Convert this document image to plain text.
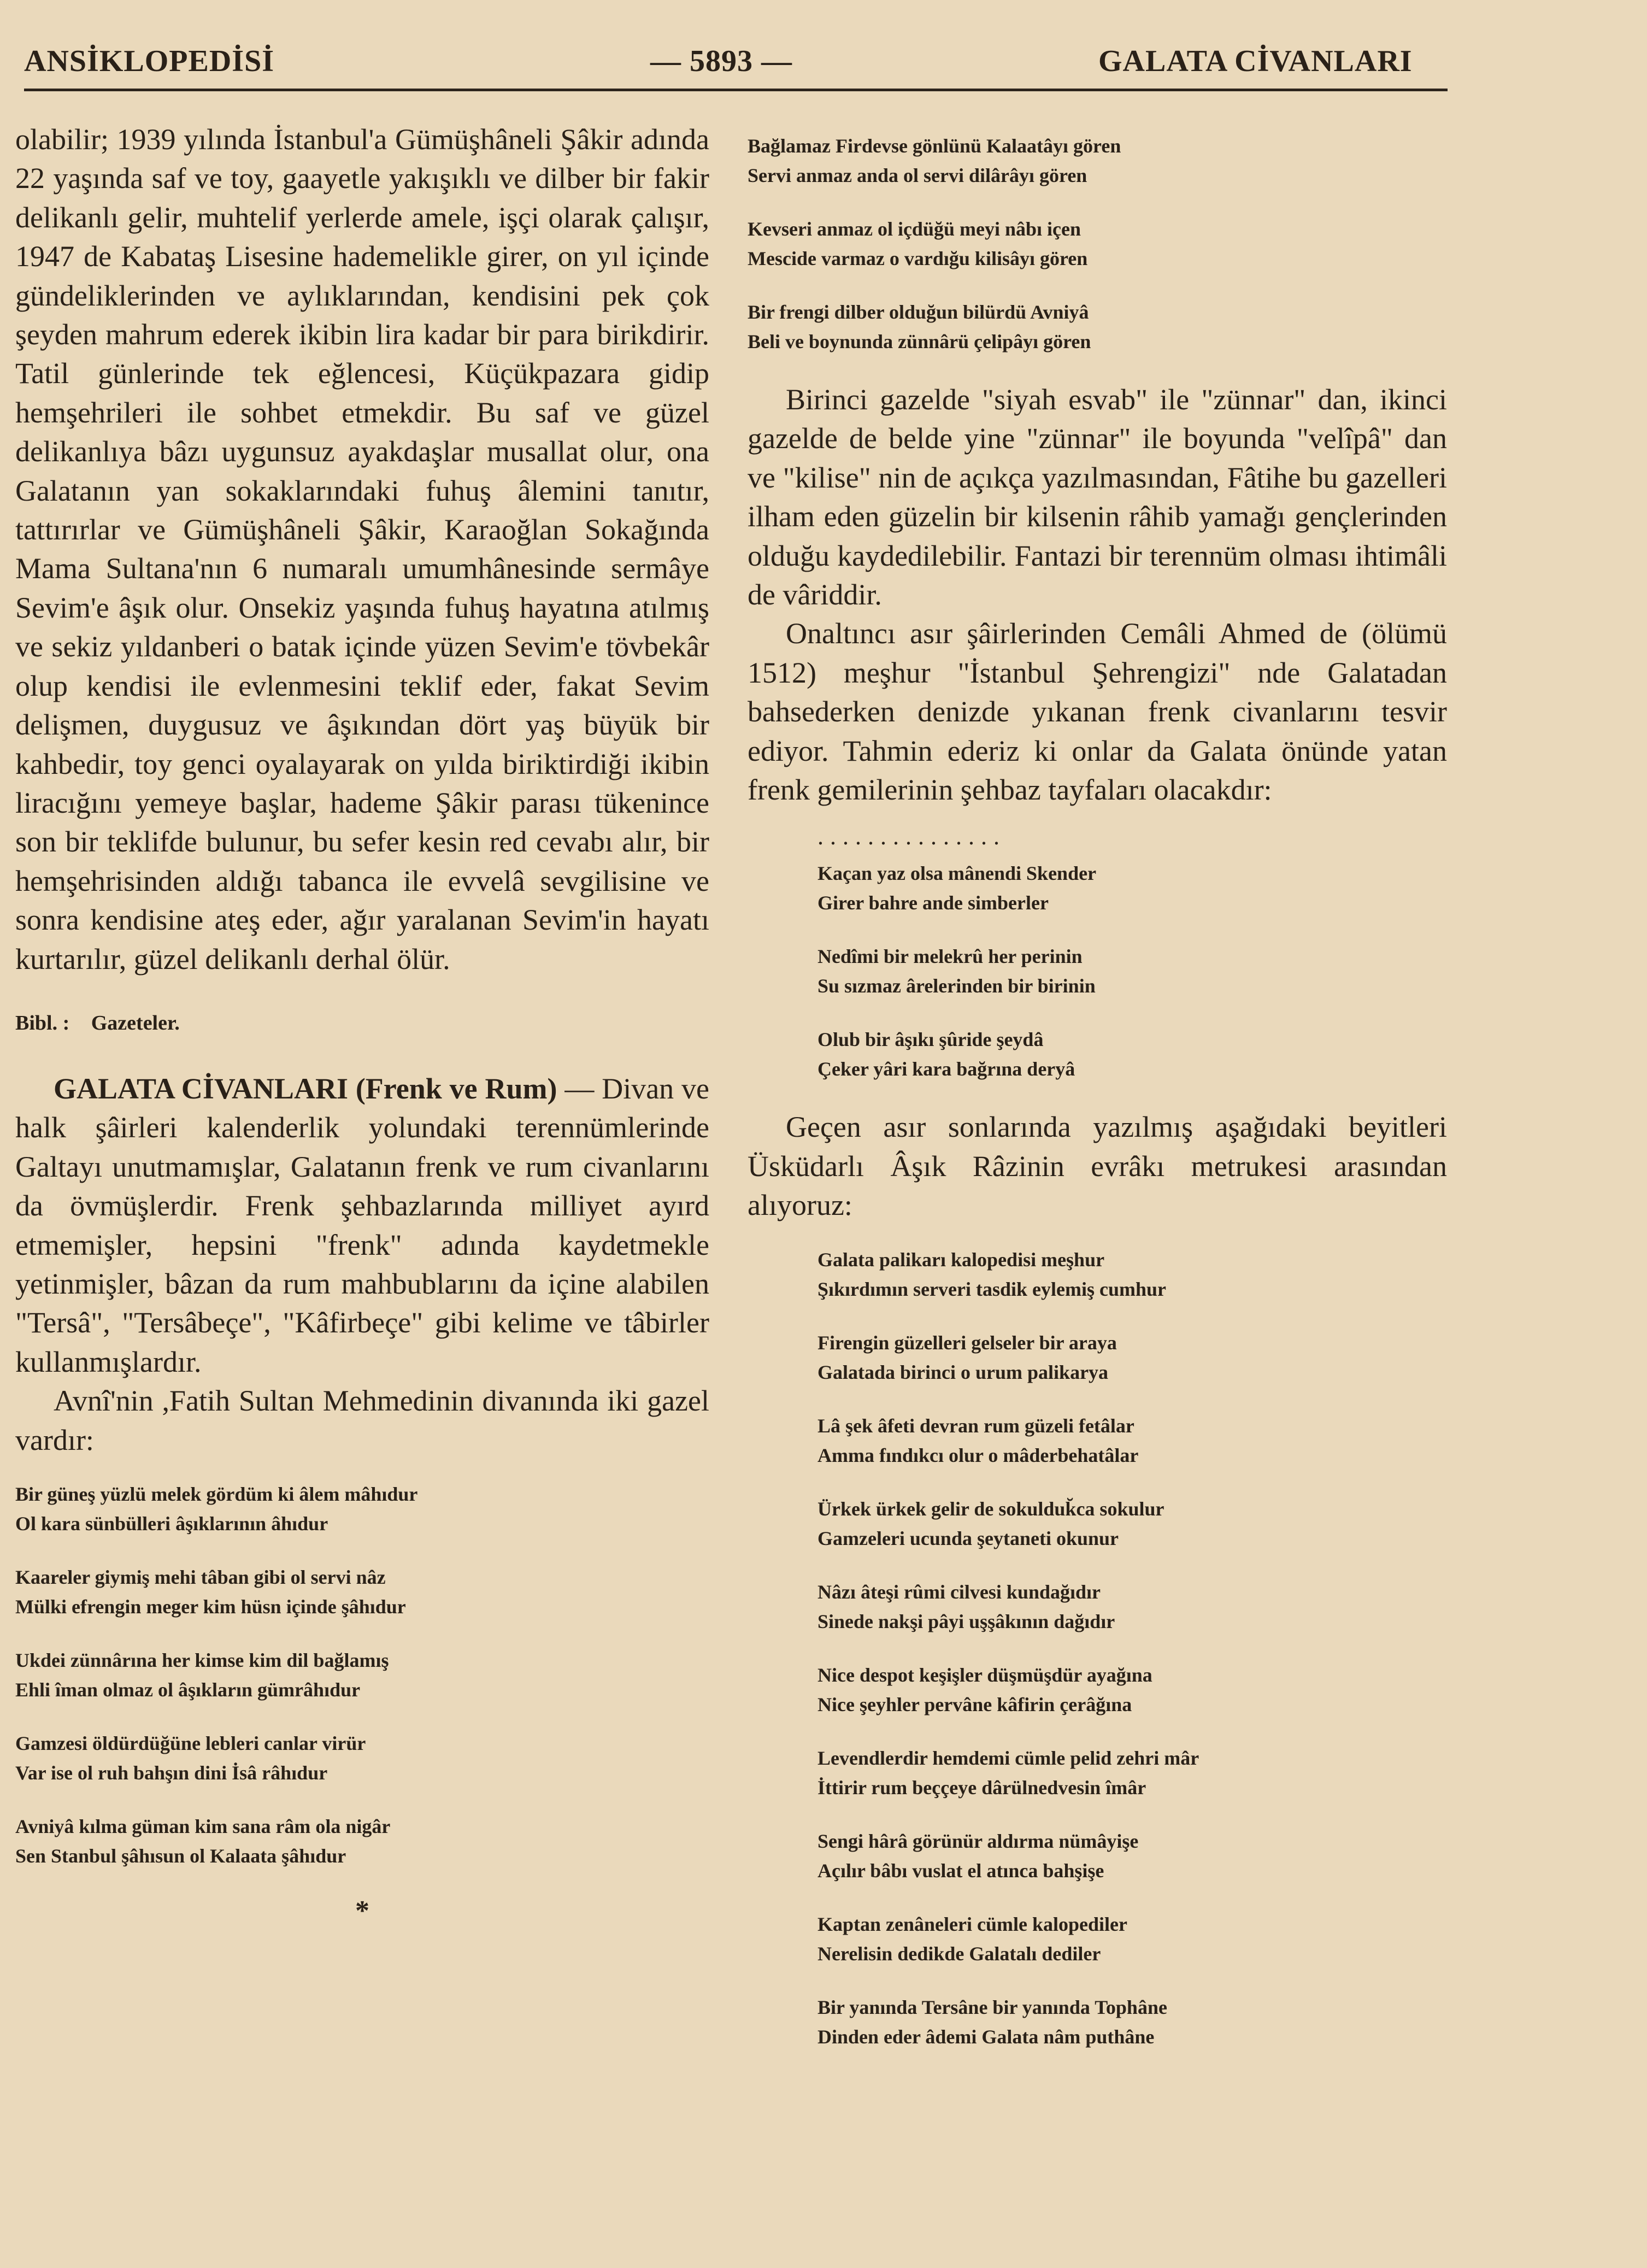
ANSİKLOPEDİSİ	— 5893 —	GALATA CİVANLARI

olabilir; 1939 yılında İstanbul'a Gümüşhâneli Şâkir adında 22 yaşında saf ve toy, gaayetle yakışıklı ve dilber bir fakir delikanlı gelir, muhtelif yerlerde amele, işçi olarak çalışır, 1947 de Kabataş Lisesine hademelikle girer, on yıl içinde gündeliklerinden ve aylıklarından, kendisini pek çok şeyden mahrum ederek ikibin lira kadar bir para birikdirir. Tatil günlerinde tek eğlencesi, Küçükpazara gidip hemşehrileri ile sohbet etmekdir. Bu saf ve güzel delikanlıya bâzı uygunsuz ayakdaşlar musallat olur, ona Galatanın yan sokaklarındaki fuhuş âlemini tanıtır, tattırırlar ve Gümüşhâneli Şâkir, Karaoğlan Sokağında Mama Sultana'nın 6 numaralı umumhânesinde sermâye Sevim'e âşık olur. Onsekiz yaşında fuhuş hayatına atılmış ve sekiz yıldanberi o batak içinde yüzen Sevim'e tövbekâr olup kendisi ile evlenmesini teklif eder, fakat Sevim delişmen, duygusuz ve âşıkından dört yaş büyük bir kahbedir, toy genci oyalayarak on yılda biriktirdiği ikibin liracığını yemeye başlar, hademe Şâkir parası tükenince son bir teklifde bulunur, bu sefer kesin red cevabı alır, bir hemşehrisinden aldığı tabanca ile evvelâ sevgilisine ve sonra kendisine ateş eder, ağır yaralanan Sevim'in hayatı kurtarılır, güzel delikanlı derhal ölür.

Bibl. : Gazeteler.

GALATA CİVANLARI (Frenk ve Rum) — Divan ve halk şâirleri kalenderlik yolundaki terennümlerinde Galtayı unutmamışlar, Galatanın frenk ve rum civanlarını da övmüşlerdir. Frenk şehbazlarında milliyet ayırd etmemişler, hepsini "frenk" adında kaydetmekle yetinmişler, bâzan da rum mahbublarını da içine alabilen "Tersâ", "Tersâbeçe", "Kâfirbeçe" gibi kelime ve tâbirler kullanmışlardır.

Avnî'nin ,Fatih Sultan Mehmedinin divanında iki gazel vardır:

Bir güneş yüzlü melek gördüm ki âlem mâhıdur

Ol kara sünbülleri âşıklarının âhıdur

Kaareler giymiş mehi tâban gibi ol servi nâz

Mülki efrengin meger kim hüsn içinde şâhıdur

Ukdei zünnârına her kimse kim dil bağlamış

Ehli îman olmaz ol âşıkların gümrâhıdur

Gamzesi öldürdüğüne lebleri canlar virür

Var ise ol ruh bahşın dini İsâ râhıdur

Avniyâ kılma güman kim sana râm ola nigâr

Sen Stanbul şâhısun ol Kalaata şâhıdur

*

Bağlamaz Firdevse gönlünü Kalaatâyı gören

Servi anmaz anda ol servi dilârâyı gören

Kevseri anmaz ol içdüğü meyi nâbı içen

Mescide varmaz o vardığu kilisâyı gören

Bir frengi dilber olduğun bilürdü Avniyâ

Beli ve boynunda zünnârü çelipâyı gören

Birinci gazelde "siyah esvab" ile "zünnar" dan, ikinci gazelde de belde yine "zünnar" ile boyunda "velîpâ" dan ve "kilise" nin de açıkça yazılmasından, Fâtihe bu gazelleri ilham eden güzelin bir kilsenin râhib yamağı gençlerinden olduğu kaydedilebilir. Fantazi bir terennüm olması ihtimâli de vâriddir.

Onaltıncı asır şâirlerinden Cemâli Ahmed de (ölümü 1512) meşhur "İstanbul Şehrengizi" nde Galatadan bahsederken denizde yıkanan frenk civanlarını tesvir ediyor. Tahmin ederiz ki onlar da Galata önünde yatan frenk gemilerinin şehbaz tayfaları olacakdır:

...............

Kaçan yaz olsa mânendi Skender

Girer bahre ande simberler

Nedîmi bir melekrû her perinin

Su sızmaz ârelerinden bir birinin

Olub bir âşıkı şûride şeydâ

Çeker yâri kara bağrına deryâ

Geçen asır sonlarında yazılmış aşağıdaki beyitleri Üsküdarlı Âşık Râzinin evrâkı metrukesi arasından alıyoruz:

Galata palikarı kalopedisi meşhur

Şıkırdımın serveri tasdik eylemiş cumhur

Firengin güzelleri gelseler bir araya

Galatada birinci o urum palikarya

Lâ şek âfeti devran rum güzeli fetâlar

Amma fındıkcı olur o mâderbehatâlar

Ürkek ürkek gelir de sokulduk̆ca sokulur

Gamzeleri ucunda şeytaneti okunur

Nâzı âteşi rûmi cilvesi kundağıdır

Sinede nakşi pâyi uşşâkının dağıdır

Nice despot keşişler düşmüşdür ayağına

Nice şeyhler pervâne kâfirin çerâğına

Levendlerdir hemdemi cümle pelid zehri mâr

İttirir rum beççeye dârülnedvesin îmâr

Sengi hârâ görünür aldırma nümâyişe

Açılır bâbı vuslat el atınca bahşişe

Kaptan zenâneleri cümle kalopediler

Nerelisin dedikde Galatalı dediler

Bir yanında Tersâne bir yanında Tophâne

Dinden eder âdemi Galata nâm puthâne
